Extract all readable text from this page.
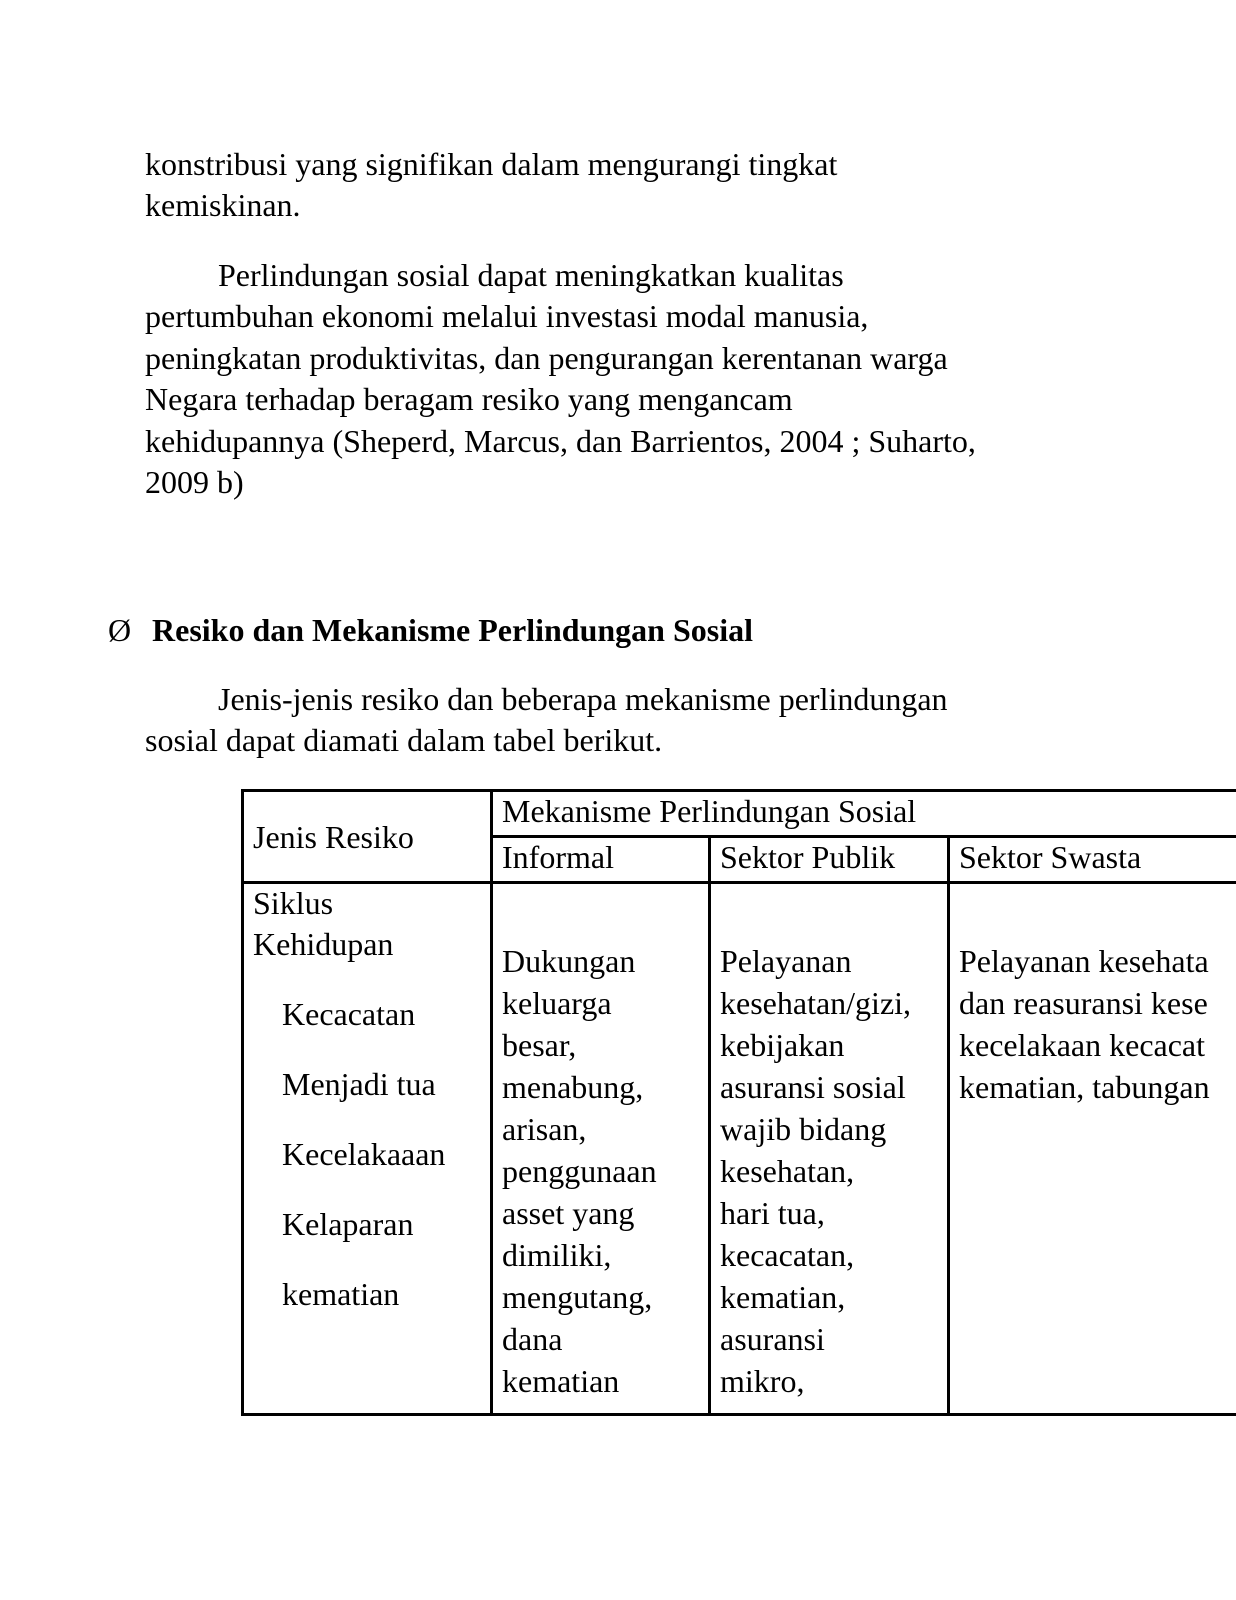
konstribusi yang signifikan dalam mengurangi tingkat

kemiskinan.

Perlindungan sosial dapat meningkatkan kualitas

pertumbuhan ekonomi melalui investasi modal manusia,

peningkatan produktivitas, dan pengurangan kerentanan warga

Negara terhadap beragam resiko yang mengancam

kehidupannya (Sheperd, Marcus, dan Barrientos, 2004 ; Suharto,

2009 b)

Ø Resiko dan Mekanisme Perlindungan Sosial

Jenis-jenis resiko dan beberapa mekanisme perlindungan

sosial dapat diamati dalam tabel berikut.

Jenis Resiko
Mekanisme Perlindungan Sosial
Informal	Sektor Publik Sektor Swasta
Siklus
Kehidupan
Kecacatan
Menjadi tua
Kecelakaaan
Kelaparan
kematian
Dukungan
keluarga
besar,
menabung,
arisan,
penggunaan
asset yang
dimiliki,
mengutang,
dana
kematian
Pelayanan
kesehatan/gizi,
kebijakan
asuransi sosial
wajib bidang
kesehatan,
hari tua,
kecacatan,
kematian,
asuransi
mikro,
Pelayanan kesehata
dan reasuransi kese
kecelakaan kecacat
kematian, tabungan
